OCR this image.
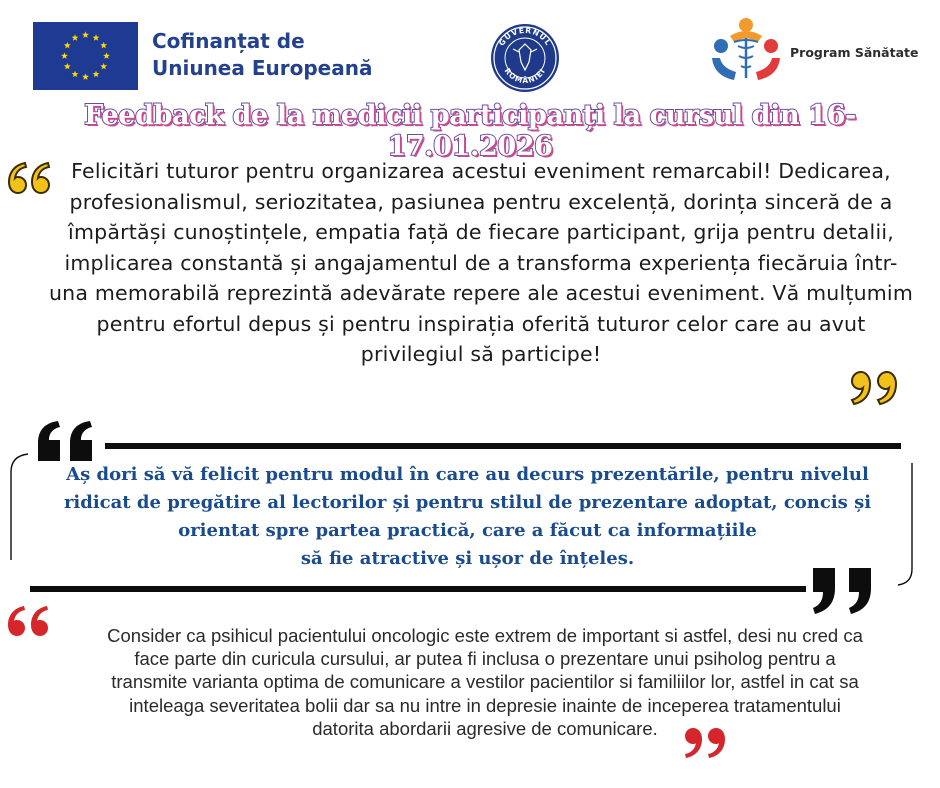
Cofinanțat de
Uniunea Europeană
GUVERNUL
ROMÂNIEI
Program Sănătate
Feedback de la medicii participanți la cursul din 16- 17.01.2026
Felicitări tuturor pentru organizarea acestui eveniment remarcabil! Dedicarea, profesionalismul, seriozitatea, pasiunea pentru excelență, dorința sinceră de a împărtăși cunoștințele, empatia față de fiecare participant, grija pentru detalii, implicarea constantă și angajamentul de a transforma experiența fiecăruia într-una memorabilă reprezintă adevărate repere ale acestui eveniment. Vă mulțumim pentru efortul depus și pentru inspirația oferită tuturor celor care au avut privilegiul să participe!
Aș dori să vă felicit pentru modul în care au decurs prezentările, pentru nivelul
ridicat de pregătire al lectorilor și pentru stilul de prezentare adoptat, concis și
orientat spre partea practică, care a făcut ca informațiile
să fie atractive și ușor de înțeles.
Consider ca psihicul pacientului oncologic este extrem de important si astfel, desi nu cred ca
face parte din curicula cursului, ar putea fi inclusa o prezentare unui psiholog pentru a
transmite varianta optima de comunicare a vestilor pacientilor si familiilor lor, astfel in cat sa
inteleaga severitatea bolii dar sa nu intre in depresie inainte de inceperea tratamentului
datorita abordarii agresive de comunicare.
